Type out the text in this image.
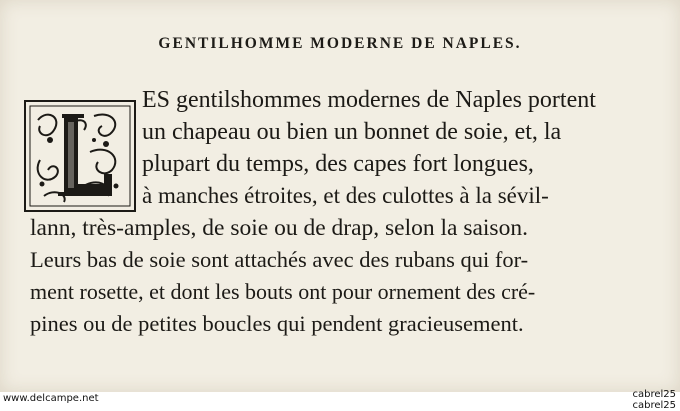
GENTILHOMME MODERNE DE NAPLES.
ES gentilshommes modernes de Naples portent
un chapeau ou bien un bonnet de soie, et, la
plupart du temps, des capes fort longues,
à manches étroites, et des culottes à la sévil-
lann, très-amples, de soie ou de drap, selon la saison.
Leurs bas de soie sont attachés avec des rubans qui for-
ment rosette, et dont les bouts ont pour ornement des cré-
pines ou de petites boucles qui pendent gracieusement.
www.delcampe.net	cabrel25
cabrel25
